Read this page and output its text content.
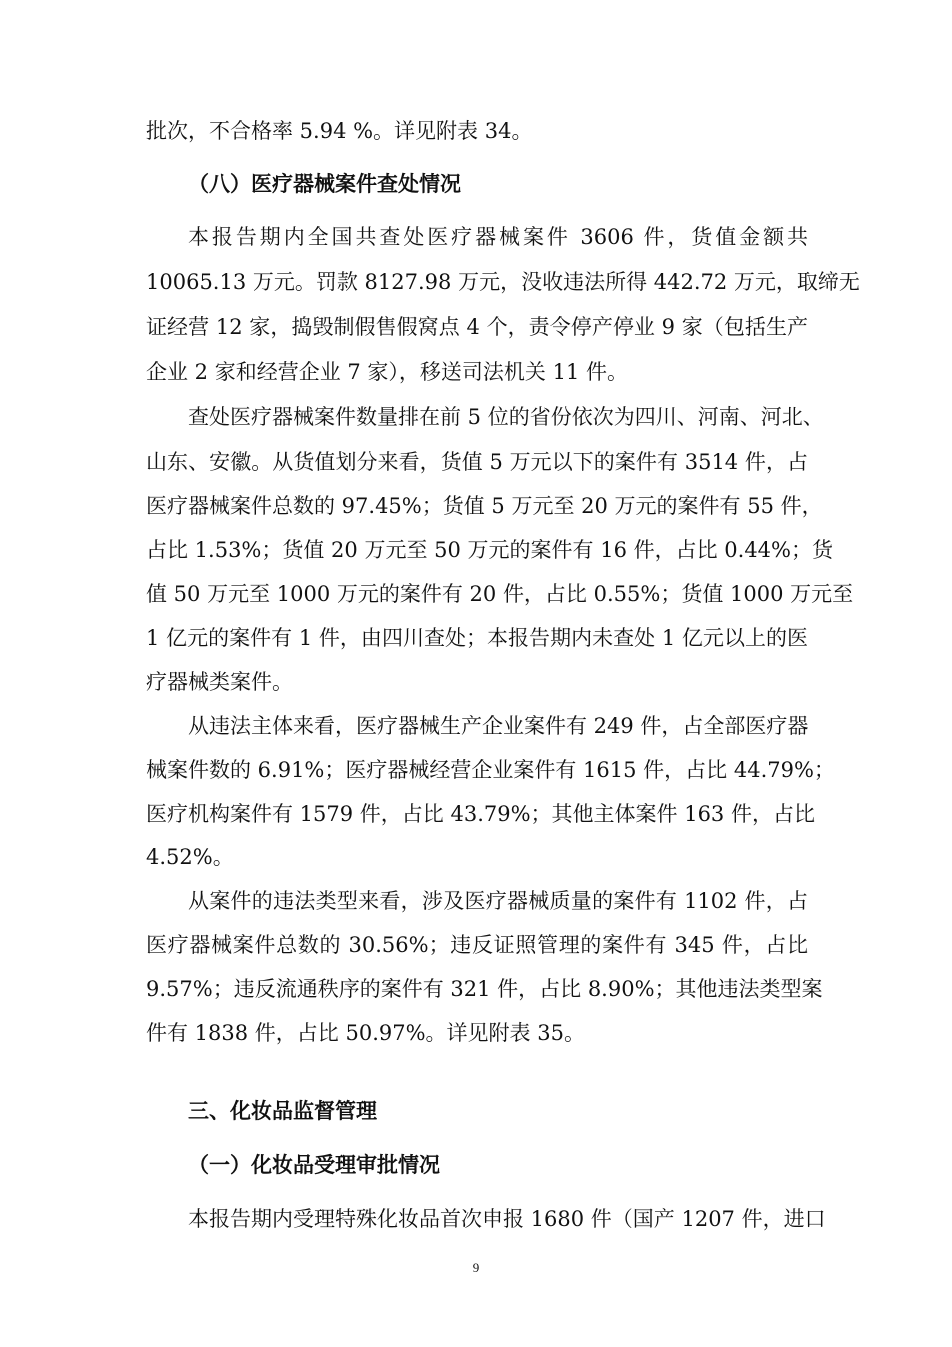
批次，不合格率 5.94 %。详见附表 34。
（八）医疗器械案件查处情况
本报告期内全国共查处医疗器械案件 3606 件，货值金额共
10065.13 万元。罚款 8127.98 万元，没收违法所得 442.72 万元，取缔无
证经营 12 家，捣毁制假售假窝点 4 个，责令停产停业 9 家（包括生产
企业 2 家和经营企业 7 家），移送司法机关 11 件。
查处医疗器械案件数量排在前 5 位的省份依次为四川、河南、河北、
山东、安徽。从货值划分来看，货值 5 万元以下的案件有 3514 件，占
医疗器械案件总数的 97.45%；货值 5 万元至 20 万元的案件有 55 件，
占比 1.53%；货值 20 万元至 50 万元的案件有 16 件，占比 0.44%；货
值 50 万元至 1000 万元的案件有 20 件，占比 0.55%；货值 1000 万元至
1 亿元的案件有 1 件，由四川查处；本报告期内未查处 1 亿元以上的医
疗器械类案件。
从违法主体来看，医疗器械生产企业案件有 249 件，占全部医疗器
械案件数的 6.91%；医疗器械经营企业案件有 1615 件，占比 44.79%；
医疗机构案件有 1579 件，占比 43.79%；其他主体案件 163 件，占比
4.52%。
从案件的违法类型来看，涉及医疗器械质量的案件有 1102 件，占
医疗器械案件总数的 30.56%；违反证照管理的案件有 345 件，占比
9.57%；违反流通秩序的案件有 321 件，占比 8.90%；其他违法类型案
件有 1838 件，占比 50.97%。详见附表 35。
三、化妆品监督管理
（一）化妆品受理审批情况
本报告期内受理特殊化妆品首次申报 1680 件（国产 1207 件，进口
9
